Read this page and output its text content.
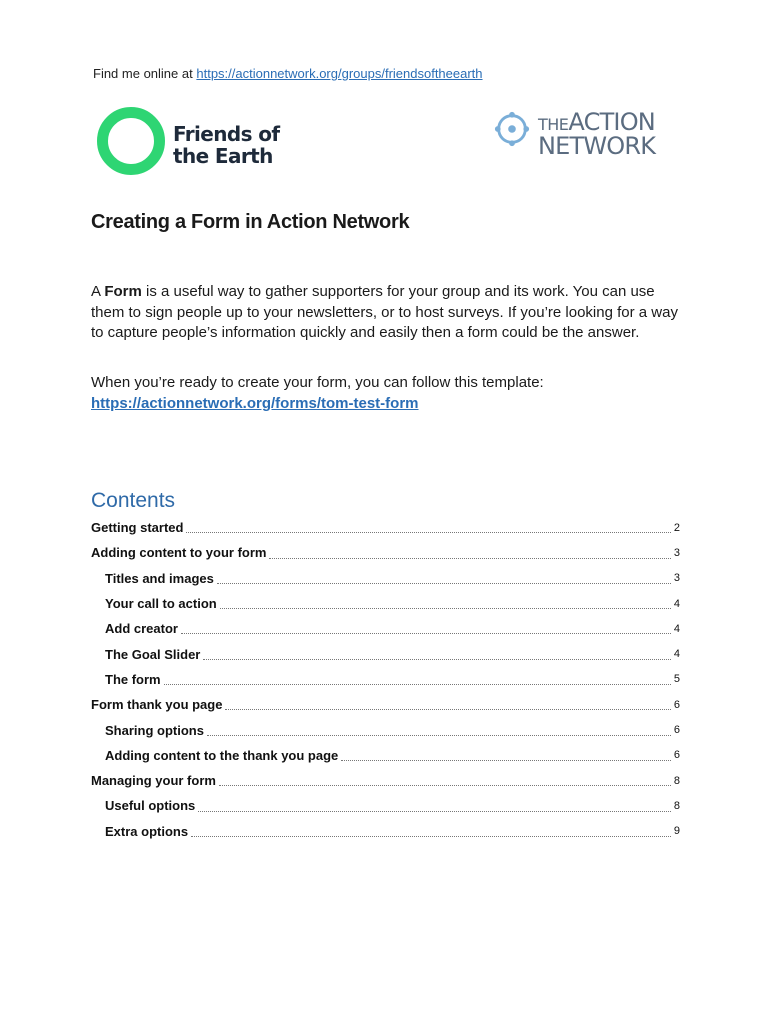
Find me online at https://actionnetwork.org/groups/friendsoftheearth
Friends of
the Earth
THEACTION
NETWORK
Creating a Form in Action Network

A Form is a useful way to gather supporters for your group and its work. You can use them to sign people up to your newsletters, or to host surveys. If you’re looking for a way to capture people’s information quickly and easily then a form could be the answer.

When you’re ready to create your form, you can follow this template:
https://actionnetwork.org/forms/tom-test-form
Contents
Getting started	2
Adding content to your form	3
Titles and images	3
Your call to action	4
Add creator	4
The Goal Slider	4
The form	5
Form thank you page	6
Sharing options	6
Adding content to the thank you page	6
Managing your form	8
Useful options	8
Extra options	9
